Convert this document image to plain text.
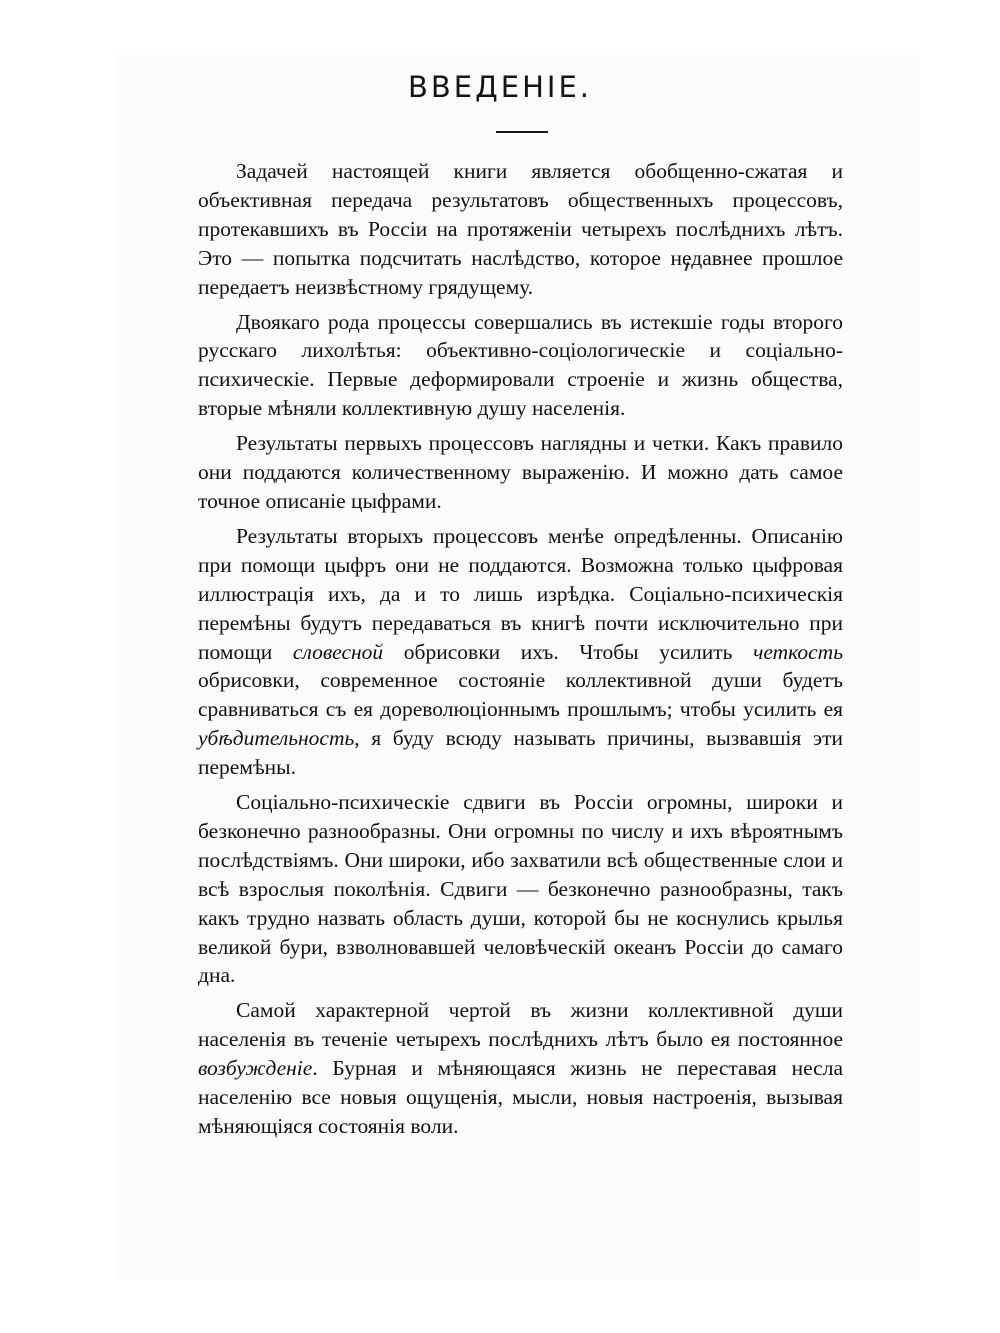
ВВЕДЕНIЕ.

Задачей настоящей книги является обобщенно-сжатая и объективная передача результатовъ общественныхъ процессовъ, протекавшихъ въ Россiи на протяженiи четырехъ послѣднихъ лѣтъ. Это — попытка подсчитать наслѣдство, которое недавнее прошлое передаетъ неизвѣстному грядущему.

Двоякаго рода процессы совершались въ истекшiе годы второго русскаго лихолѣтья: объективно-соцiологическiе и соцiально-психическiе. Первые деформировали строенiе и жизнь общества, вторые мѣняли коллективную душу населенiя.

Результаты первыхъ процессовъ наглядны и четки. Какъ правило они поддаются количественному выраженiю. И можно дать самое точное описанiе цыфрами.

Результаты вторыхъ процессовъ менѣе опредѣленны. Описанiю при помощи цыфръ они не поддаются. Возможна только цыфровая иллюстрацiя ихъ, да и то лишь изрѣдка. Соцiально-психическiя перемѣны будутъ передаваться въ книгѣ почти исключительно при помощи словесной обрисовки ихъ. Чтобы усилить четкость обрисовки, современное состоянiе коллективной души будетъ сравниваться съ ея дореволюцiоннымъ прошлымъ; чтобы усилить ея убѣдительность, я буду всюду называть причины, вызвавшiя эти перемѣны.

Соцiально-психическiе сдвиги въ Россiи огромны, широки и безконечно разнообразны. Они огромны по числу и ихъ вѣроятнымъ послѣдствiямъ. Они широки, ибо захватили всѣ общественные слои и всѣ взрослыя поколѣнiя. Сдвиги — безконечно разнообразны, такъ какъ трудно назвать область души, которой бы не коснулись крылья великой бури, взволновавшей человѣческiй океанъ Россiи до самаго дна.

Самой характерной чертой въ жизни коллективной души населенiя въ теченiе четырехъ послѣднихъ лѣтъ было ея постоянное возбужденiе. Бурная и мѣняющаяся жизнь не переставая несла населенiю все новыя ощущенiя, мысли, новыя настроенiя, вызывая мѣняющiяся состоянiя воли.
